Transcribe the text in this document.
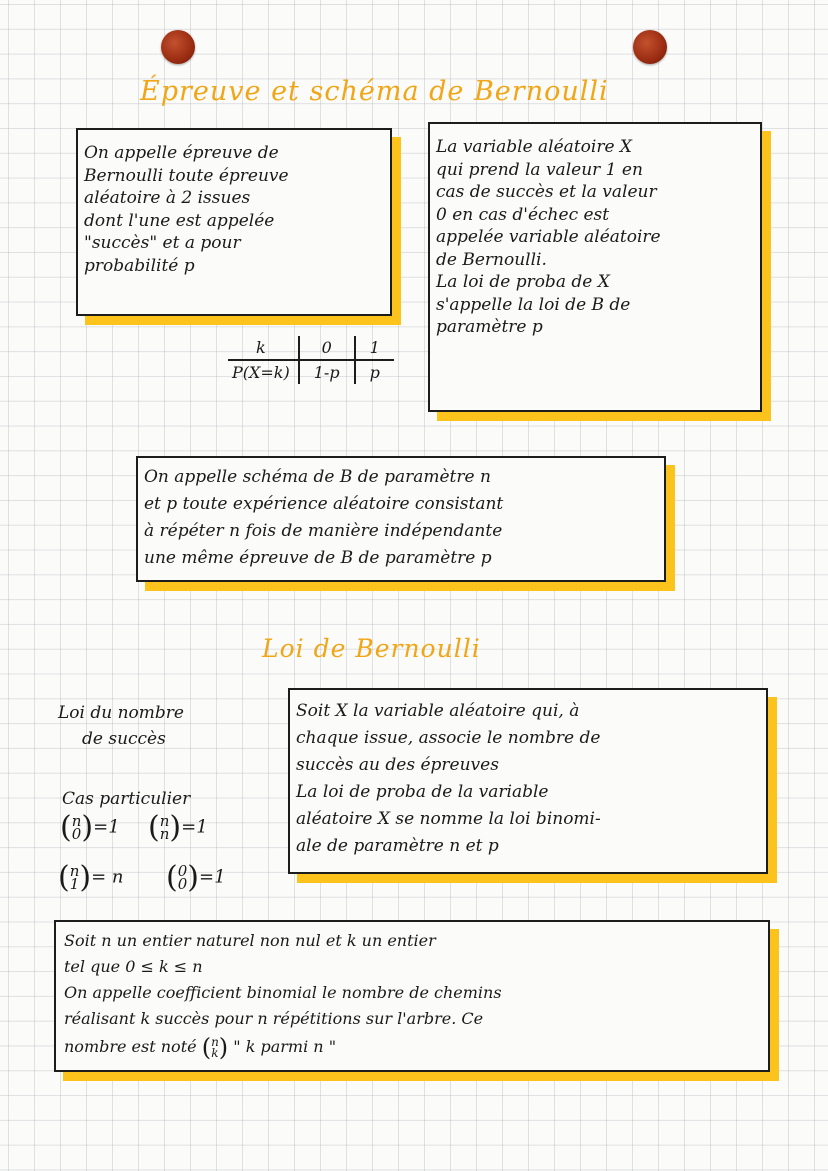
Épreuve et schéma de Bernoulli

On appelle épreuve de

Bernoulli toute épreuve

aléatoire à 2 issues

dont l'une est appelée

"succès" et a pour

probabilité p

La variable aléatoire X

qui prend la valeur 1 en

cas de succès et la valeur

0 en cas d'échec est

appelée variable aléatoire

de Bernoulli.

La loi de proba de X

s'appelle la loi de B de

paramètre p

k	0	1
P(X=k)	1-p	p

On appelle schéma de B de paramètre n

et p toute expérience aléatoire consistant

à répéter n fois de manière indépendante

une même épreuve de B de paramètre p

Loi de Bernoulli

Loi du nombre

de succès

Cas particulier

( n
0 )=1 ( n
n )=1
( n
1 )= n ( 0
0 )=1

Soit X la variable aléatoire qui, à

chaque issue, associe le nombre de

succès au des épreuves

La loi de proba de la variable

aléatoire X se nomme la loi binomi-

ale de paramètre n et p

Soit n un entier naturel non nul et k un entier

tel que 0 ≤ k ≤ n

On appelle coefficient binomial le nombre de chemins

réalisant k succès pour n répétitions sur l'arbre. Ce

nombre est noté ( n
k ) " k parmi n "
